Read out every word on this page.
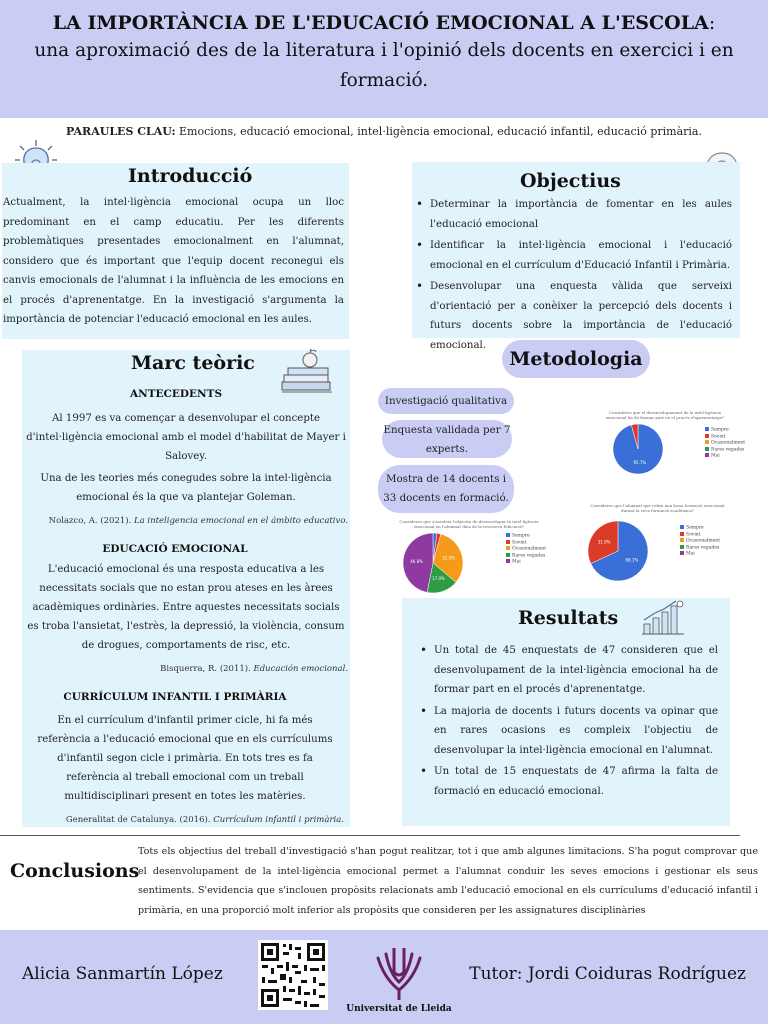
LA IMPORTÀNCIA DE L'EDUCACIÓ EMOCIONAL A L'ESCOLA:
una aproximació des de la literatura i l'opinió dels docents en exercici i en formació.
PARAULES CLAU: Emocions, educació emocional, intel·ligència emocional, educació infantil, educació primària.
Introducció
Actualment, la intel·ligència emocional ocupa un lloc predominant en el camp educatiu. Per les diferents problemàtiques presentades emocionalment en l'alumnat, considero que és important que l'equip docent reconegui els canvis emocionals de l'alumnat i la influència de les emocions en el procés d'aprenentatge. En la investigació s'argumenta la importància de potenciar l'educació emocional en les aules.
Objectius
• Determinar la importància de fomentar en les aules l'educació emocional
• Identificar la intel·ligència emocional i l'educació emocional en el currículum d'Educació Infantil i Primària.
• Desenvolupar una enquesta vàlida que serveixi d'orientació per a conèixer la percepció dels docents i futurs docents sobre la importància de l'educació emocional.
Marc teòric
ANTECEDENTS
Al 1997 es va començar a desenvolupar el concepte d'intel·ligència emocional amb el model d'habilitat de Mayer i Salovey.
Una de les teories més conegudes sobre la intel·ligència emocional és la que va plantejar Goleman.
Nolazco, A. (2021). La inteligencia emocional en el ámbito educativo.
EDUCACIÓ EMOCIONAL
L'educació emocional és una resposta educativa a les necessitats socials que no estan prou ateses en les àrees acadèmiques ordinàries. Entre aquestes necessitats socials es troba l'ansietat, l'estrès, la depressió, la violència, consum de drogues, comportaments de risc, etc.
Bisquerra, R. (2011). Educación emocional.
CURRÍCULUM INFANTIL I PRIMÀRIA
En el currículum d'infantil primer cicle, hi fa més referència a l'educació emocional que en els currículums d'infantil segon cicle i primària. En tots tres es fa referència al treball emocional com un treball multidisciplinari present en totes les matèries.
Generalitat de Catalunya. (2016). Currículum infantil i primària.
Metodologia
Investigació qualitativa
Enquesta validada per 7 experts.
Mostra de 14 docents i 33 docents en formació.
Consideres que el desenvolupament de la intel·ligència emocional ha de formar part en el procés d'aprenentatge?
95.7%
Sempre
Sovint
Ocasionalment
Rares vegades
Mai
Consideres que s'assoleix l'objectiu de desenvolupar la intel·ligència emocional en l'alumnat dins de la teva/seva Educació?
31.9%
17.0%
46.8%
Sempre
Sovint
Ocasionalment
Rares vegades
Mai
Consideres que l'alumnat que rebrà una bona formació emocional durant la seva formació acadèmica?
68.1%
31.9%
Sempre
Sovint
Ocasionalment
Rares vegades
Mai
Resultats
• Un total de 45 enquestats de 47 consideren que el desenvolupament de la intel·ligència emocional ha de formar part en el procés d'aprenentatge.
• La majoria de docents i futurs docents va opinar que en rares ocasions es compleix l'objectiu de desenvolupar la intel·ligència emocional en l'alumnat.
• Un total de 15 enquestats de 47 afirma la falta de formació en educació emocional.
Conclusions
Tots els objectius del treball d'investigació s'han pogut realitzar, tot i que amb algunes limitacions. S'ha pogut comprovar que el desenvolupament de la intel·ligència emocional permet a l'alumnat conduir les seves emocions i gestionar els seus sentiments. S'evidencia que s'inclouen propòsits relacionats amb l'educació emocional en els currículums d'educació infantil i primària, en una proporció molt inferior als propòsits que consideren per les assignatures disciplinàries
Alicia Sanmartín López
Universitat de Lleida
Tutor: Jordi Coiduras Rodríguez
